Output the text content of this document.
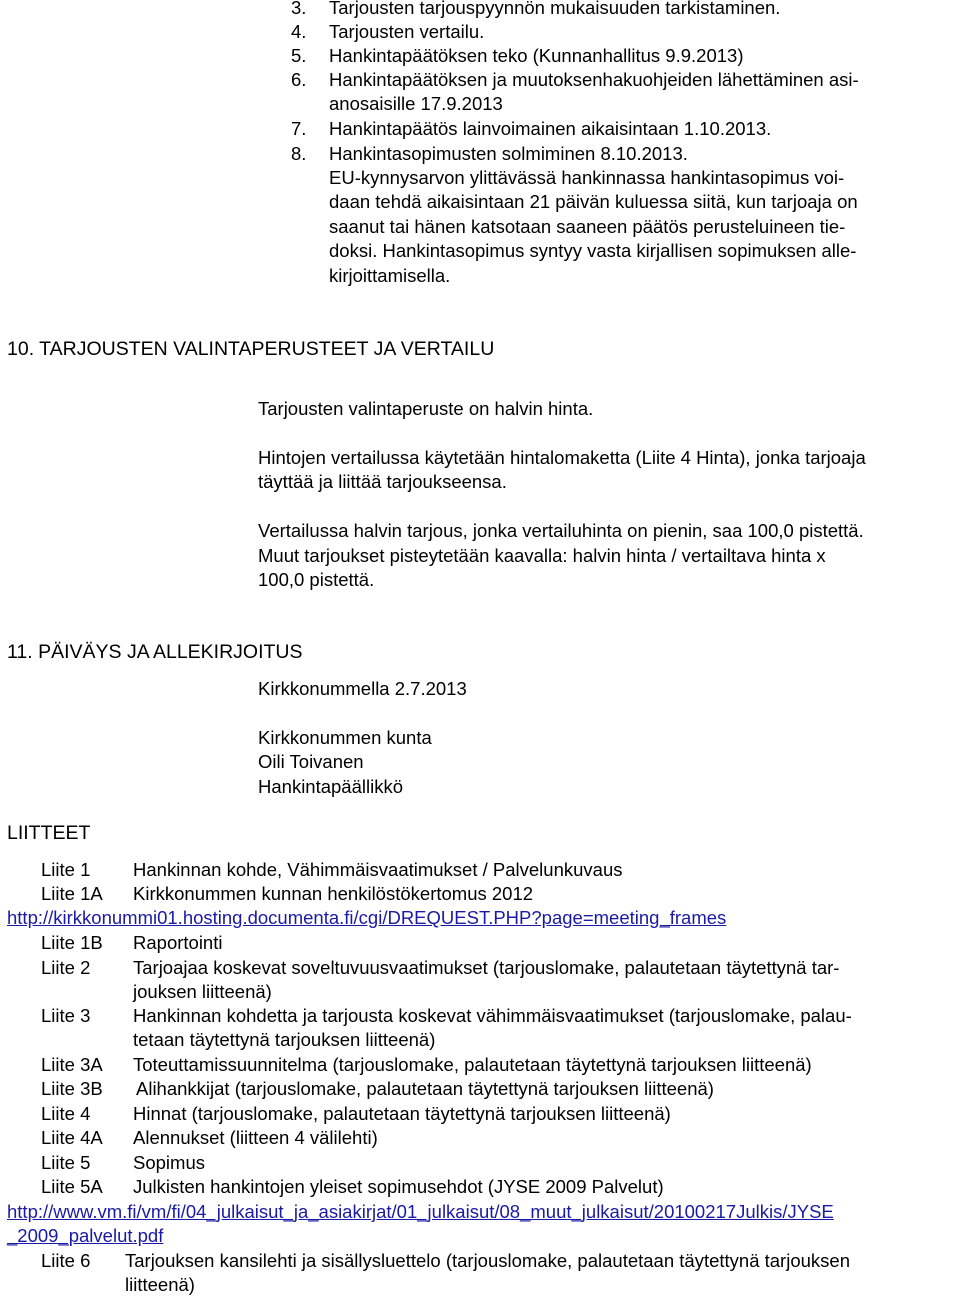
3. Tarjousten tarjouspyynnön mukaisuuden tarkistaminen.
4. Tarjousten vertailu.
5. Hankintapäätöksen teko (Kunnanhallitus 9.9.2013)
6. Hankintapäätöksen ja muutoksenhakuohjeiden lähettäminen asi-
anosaisille 17.9.2013
7. Hankintapäätös lainvoimainen aikaisintaan 1.10.2013.
8. Hankintasopimusten solmiminen 8.10.2013.
EU-kynnysarvon ylittävässä hankinnassa hankintasopimus voi-
daan tehdä aikaisintaan 21 päivän kuluessa siitä, kun tarjoaja on
saanut tai hänen katsotaan saaneen päätös perusteluineen tie-
doksi. Hankintasopimus syntyy vasta kirjallisen sopimuksen alle-
kirjoittamisella.
10. TARJOUSTEN VALINTAPERUSTEET JA VERTAILU
Tarjousten valintaperuste on halvin hinta.
Hintojen vertailussa käytetään hintalomaketta (Liite 4 Hinta), jonka tarjoaja
täyttää ja liittää tarjoukseensa.
Vertailussa halvin tarjous, jonka vertailuhinta on pienin, saa 100,0 pistettä.
Muut tarjoukset pisteytetään kaavalla: halvin hinta / vertailtava hinta x
100,0 pistettä.
11. PÄIVÄYS JA ALLEKIRJOITUS
Kirkkonummella 2.7.2013
Kirkkonummen kunta
Oili Toivanen
Hankintapäällikkö
LIITTEET
Liite 1 Hankinnan kohde, Vähimmäisvaatimukset / Palvelunkuvaus
Liite 1A Kirkkonummen kunnan henkilöstökertomus 2012
http://kirkkonummi01.hosting.documenta.fi/cgi/DREQUEST.PHP?page=meeting_frames
Liite 1B Raportointi
Liite 2 Tarjoajaa koskevat soveltuvuusvaatimukset (tarjouslomake, palautetaan täytettynä tar-
jouksen liitteenä)
Liite 3 Hankinnan kohdetta ja tarjousta koskevat vähimmäisvaatimukset (tarjouslomake, palau-
tetaan täytettynä tarjouksen liitteenä)
Liite 3A Toteuttamissuunnitelma (tarjouslomake, palautetaan täytettynä tarjouksen liitteenä)
Liite 3B Alihankkijat (tarjouslomake, palautetaan täytettynä tarjouksen liitteenä)
Liite 4 Hinnat (tarjouslomake, palautetaan täytettynä tarjouksen liitteenä)
Liite 4A Alennukset (liitteen 4 välilehti)
Liite 5 Sopimus
Liite 5A Julkisten hankintojen yleiset sopimusehdot (JYSE 2009 Palvelut)
http://www.vm.fi/vm/fi/04_julkaisut_ja_asiakirjat/01_julkaisut/08_muut_julkaisut/20100217Julkis/JYSE
_2009_palvelut.pdf
Liite 6 Tarjouksen kansilehti ja sisällysluettelo (tarjouslomake, palautetaan täytettynä tarjouksen
liitteenä)
